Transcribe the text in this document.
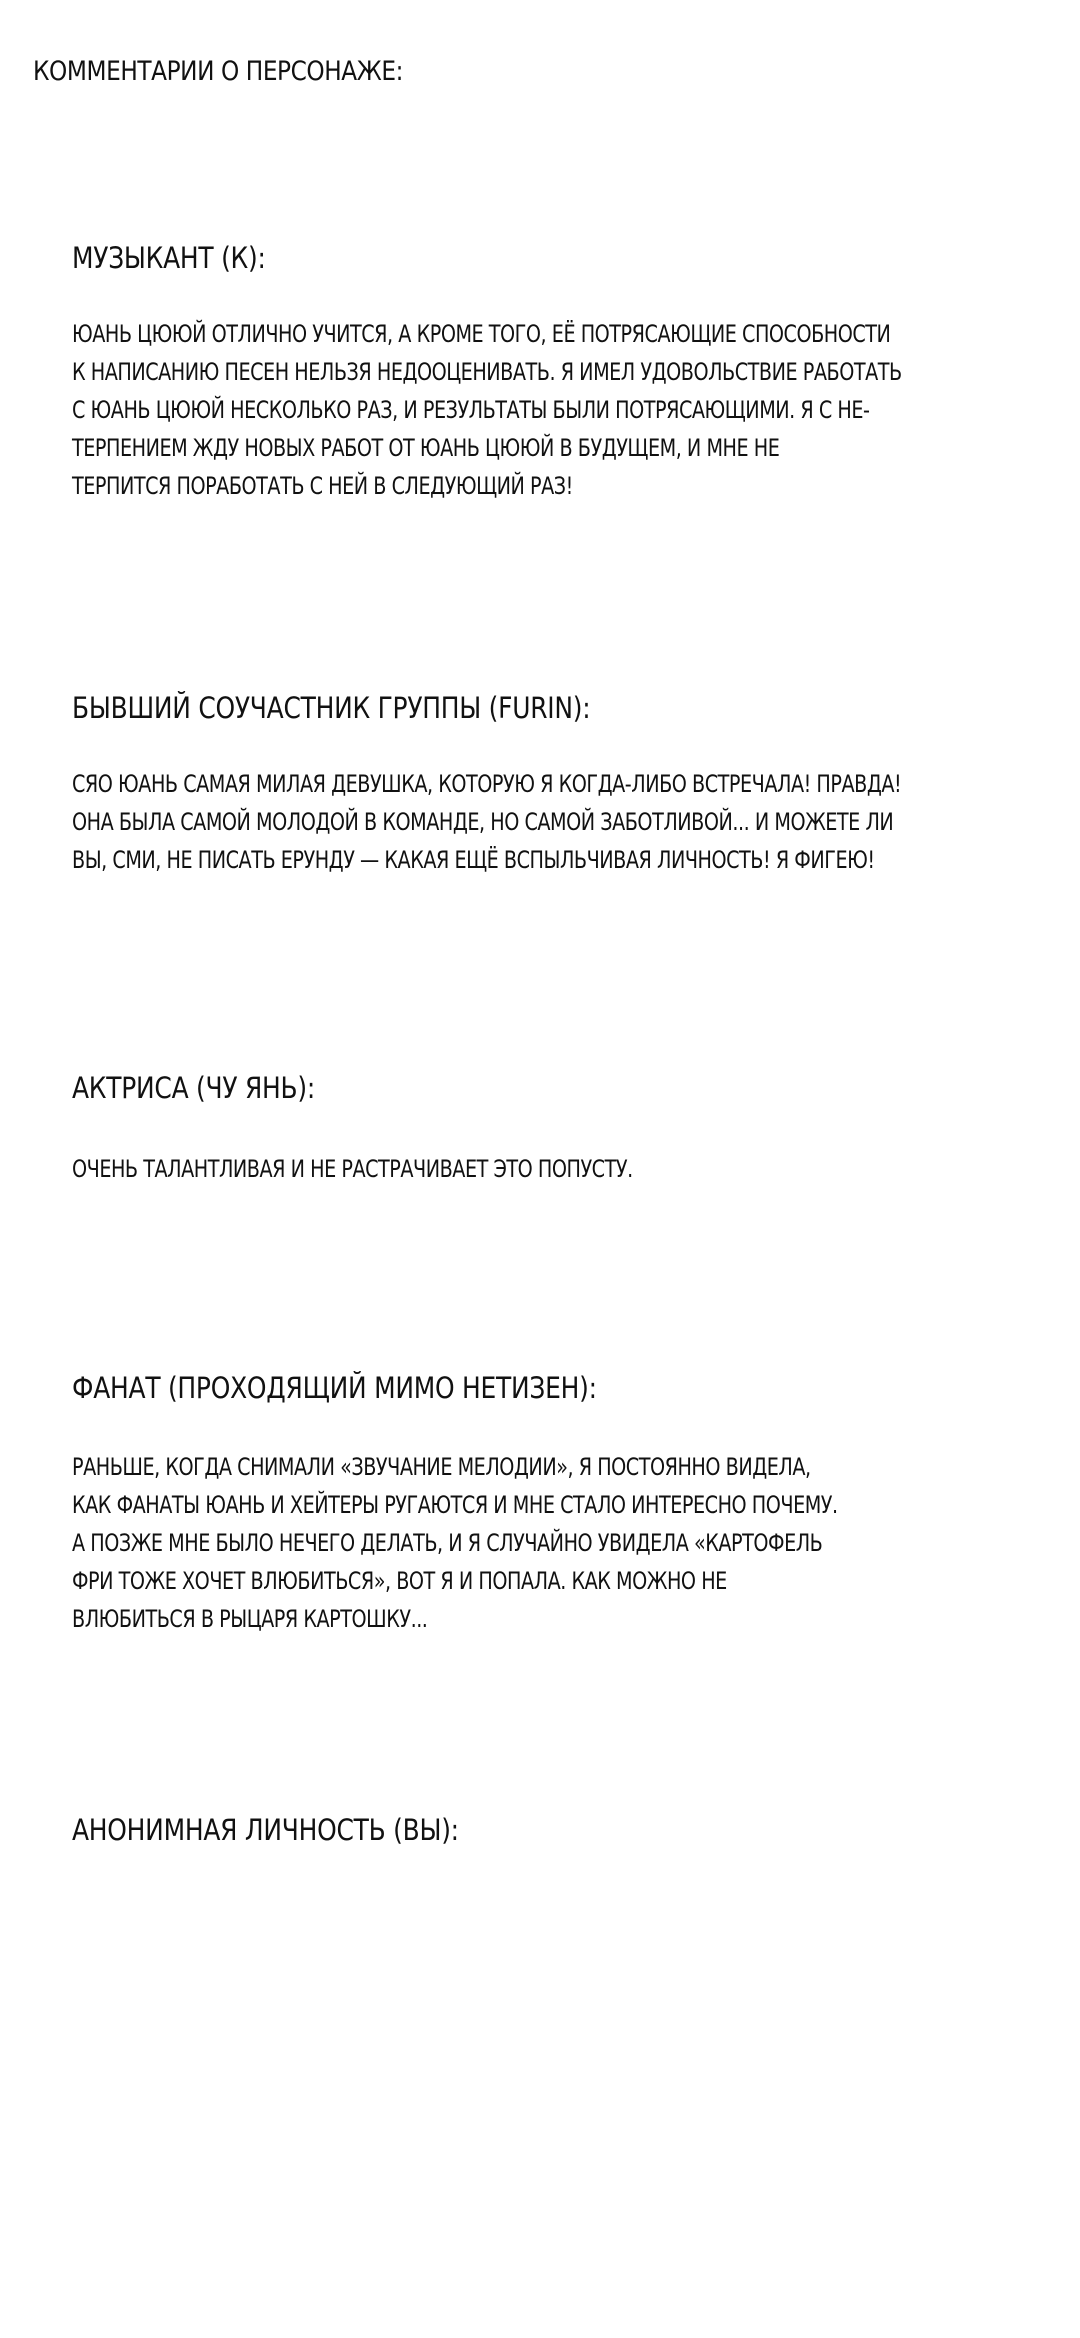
КОММЕНТАРИИ О ПЕРСОНАЖЕ:
МУЗЫКАНТ (К):

ЮАНЬ ЦЮЮЙ ОТЛИЧНО УЧИТСЯ, А КРОМЕ ТОГО, ЕЁ ПОТРЯСАЮЩИЕ СПОСОБНОСТИ
К НАПИСАНИЮ ПЕСЕН НЕЛЬЗЯ НЕДООЦЕНИВАТЬ. Я ИМЕЛ УДОВОЛЬСТВИЕ РАБОТАТЬ
С ЮАНЬ ЦЮЮЙ НЕСКОЛЬКО РАЗ, И РЕЗУЛЬТАТЫ БЫЛИ ПОТРЯСАЮЩИМИ. Я С НЕ-
ТЕРПЕНИЕМ ЖДУ НОВЫХ РАБОТ ОТ ЮАНЬ ЦЮЮЙ В БУДУЩЕМ, И МНЕ НЕ
ТЕРПИТСЯ ПОРАБОТАТЬ С НЕЙ В СЛЕДУЮЩИЙ РАЗ!

БЫВШИЙ СОУЧАСТНИК ГРУППЫ (FURIN):

СЯО ЮАНЬ САМАЯ МИЛАЯ ДЕВУШКА, КОТОРУЮ Я КОГДА-ЛИБО ВСТРЕЧАЛА! ПРАВДА!
ОНА БЫЛА САМОЙ МОЛОДОЙ В КОМАНДЕ, НО САМОЙ ЗАБОТЛИВОЙ... И МОЖЕТЕ ЛИ
ВЫ, СМИ, НЕ ПИСАТЬ ЕРУНДУ — КАКАЯ ЕЩЁ ВСПЫЛЬЧИВАЯ ЛИЧНОСТЬ! Я ФИГЕЮ!

АКТРИСА (ЧУ ЯНЬ):

ОЧЕНЬ ТАЛАНТЛИВАЯ И НЕ РАСТРАЧИВАЕТ ЭТО ПОПУСТУ.

ФАНАТ (ПРОХОДЯЩИЙ МИМО НЕТИЗЕН):

РАНЬШЕ, КОГДА СНИМАЛИ «ЗВУЧАНИЕ МЕЛОДИИ», Я ПОСТОЯННО ВИДЕЛА,
КАК ФАНАТЫ ЮАНЬ И ХЕЙТЕРЫ РУГАЮТСЯ И МНЕ СТАЛО ИНТЕРЕСНО ПОЧЕМУ.
А ПОЗЖЕ МНЕ БЫЛО НЕЧЕГО ДЕЛАТЬ, И Я СЛУЧАЙНО УВИДЕЛА «КАРТОФЕЛЬ
ФРИ ТОЖЕ ХОЧЕТ ВЛЮБИТЬСЯ», ВОТ Я И ПОПАЛА. КАК МОЖНО НЕ
ВЛЮБИТЬСЯ В РЫЦАРЯ КАРТОШКУ...

АНОНИМНАЯ ЛИЧНОСТЬ (ВЫ):
